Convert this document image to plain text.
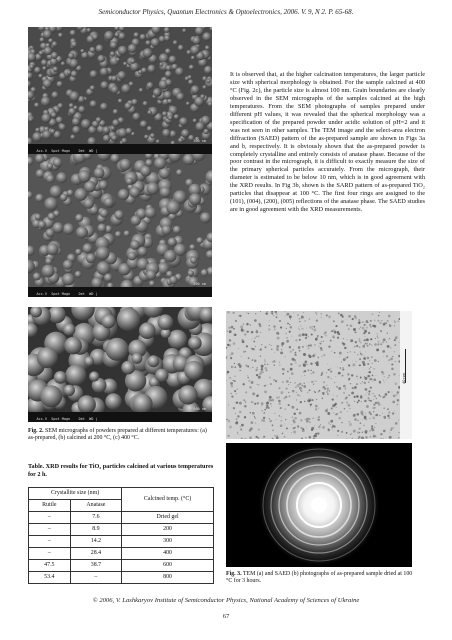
Semiconductor Physics, Quantum Electronics & Optoelectronics, 2006. V. 9, N 2. P. 65-68.

Acc.V  Spot Magn    Det  WD |

500 nm

Acc.V  Spot Magn    Det  WD |

500 nm

Acc.V  Spot Magn    Det  WD |

500 nm
It is observed that, at the higher calcination temperatures, the larger particle size with spherical morphology is obtained. For the sample calcined at 400 °C (Fig. 2c), the particle size is almost 100 nm. Grain boundaries are clearly observed in the SEM micrographs of the samples calcined at the high temperatures. From the SEM photographs of samples prepared under different pH values, it was revealed that the spherical morphology was a specification of the prepared powder under acidic solution of pH=2 and it was not seen in other samples. The TEM image and the select-area electron diffraction (SAED) pattern of the as-prepared sample are shown in Figs 3a and b, respectively. It is obviously shown that the as-prepared powder is completely crystalline and entirely consists of anatase phase. Because of the poor contrast in the micrograph, it is difficult to exactly measure the size of the primary spherical particles accurately. From the micrograph, their diameter is estimated to be below 10 nm, which is in good agreement with the XRD results. In Fig 3b, shown is the SARD pattern of as-prepared TiO₂ particles that disappear at 100 °C. The first four rings are assigned to the (101), (004), (200), (005) reflections of the anatase phase. The SAED studies are in good agreement with the XRD measurements.
40 nm
Fig. 2. SEM micrographs of powders prepared at different temperatures: (a) as-prepared, (b) calcined at 200 °C, (c) 400 °C.
Table. XRD results for TiO₂ particles calcined at various temperatures for 2 h.
Crystallite size (nm)		Calcined temp. (°C)
Rutile	Anatase	
–	7.6	Dried gel
–	8.9	200
–	14.2	300
–	28.4	400
47.5	38.7	600
53.4	–	800	Fig. 3. TEM (a) and SAED (b) photographs of as-prepared sample dried at 100 °C for 3 hours.
© 2006, V. Lashkaryov Institute of Semiconductor Physics, National Academy of Sciences of Ukraine
67
